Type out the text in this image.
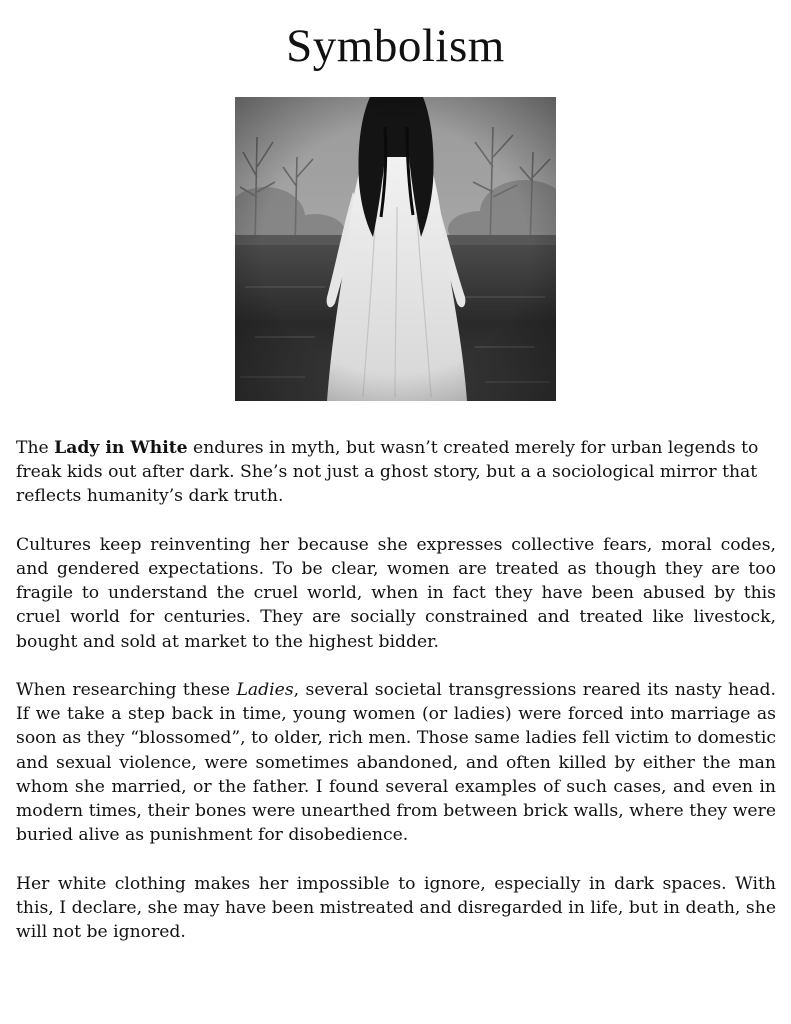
Symbolism

The Lady in White endures in myth, but wasn’t created merely for urban legends to freak kids out after dark. She’s not just a ghost story, but a a sociological mirror that reflects humanity’s dark truth.

Cultures keep reinventing her because she expresses collective fears, moral codes, and gendered expectations. To be clear, women are treated as though they are too fragile to understand the cruel world, when in fact they have been abused by this cruel world for centuries. They are socially constrained and treated like livestock, bought and sold at market to the highest bidder.

When researching these Ladies, several societal transgressions reared its nasty head. If we take a step back in time, young women (or ladies) were forced into marriage as soon as they “blossomed”, to older, rich men. Those same ladies fell victim to domestic and sexual violence, were sometimes abandoned, and often killed by either the man whom she married, or the father. I found several examples of such cases, and even in modern times, their bones were unearthed from between brick walls, where they were buried alive as punishment for disobedience.

Her white clothing makes her impossible to ignore, especially in dark spaces. With this, I declare, she may have been mistreated and disregarded in life, but in death, she will not be ignored.
